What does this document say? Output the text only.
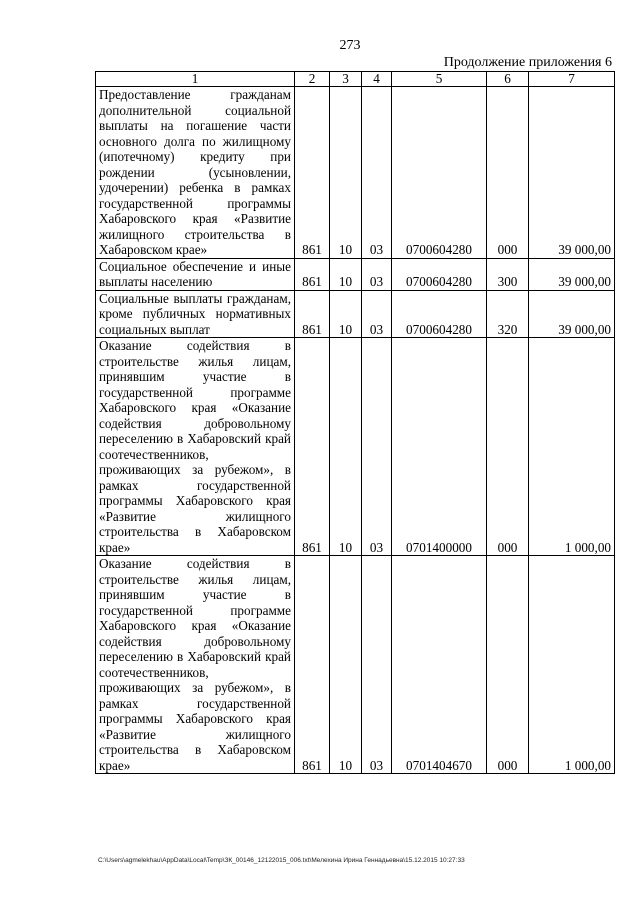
273
Продолжение приложения 6
1	2	3	4	5	6	7
Предоставление гражданам дополнительной социальной выплаты на погашение части основного долга по жилищному (ипотечному) кредиту при рождении (усыновлении, удочерении) ребенка в рамках государственной программы Хабаровского края «Развитие жилищного строительства в Хабаровском крае»	861	10	03	0700604280	000	39 000,00
Социальное обеспечение и иные выплаты населению	861	10	03	0700604280	300	39 000,00
Социальные выплаты гражданам, кроме публичных нормативных социальных выплат	861	10	03	0700604280	320	39 000,00
Оказание содействия в строительстве жилья лицам, принявшим участие в государственной программе Хабаровского края «Оказание содействия добровольному переселению в Хабаровский край соотечественников, проживающих за рубежом», в рамках государственной программы Хабаровского края «Развитие жилищного строительства в Хабаровском крае»	861	10	03	0701400000	000	1 000,00
Оказание содействия в строительстве жилья лицам, принявшим участие в государственной программе Хабаровского края «Оказание содействия добровольному переселению в Хабаровский край соотечественников, проживающих за рубежом», в рамках государственной программы Хабаровского края «Развитие жилищного строительства в Хабаровском крае»	861	10	03	0701404670	000	1 000,00
C:\Users\agmelekhau\AppData\Local\Temp\ЗК_00146_12122015_006.txt\Мелехина Ирина Геннадьевна\15.12.2015 10:27:33
